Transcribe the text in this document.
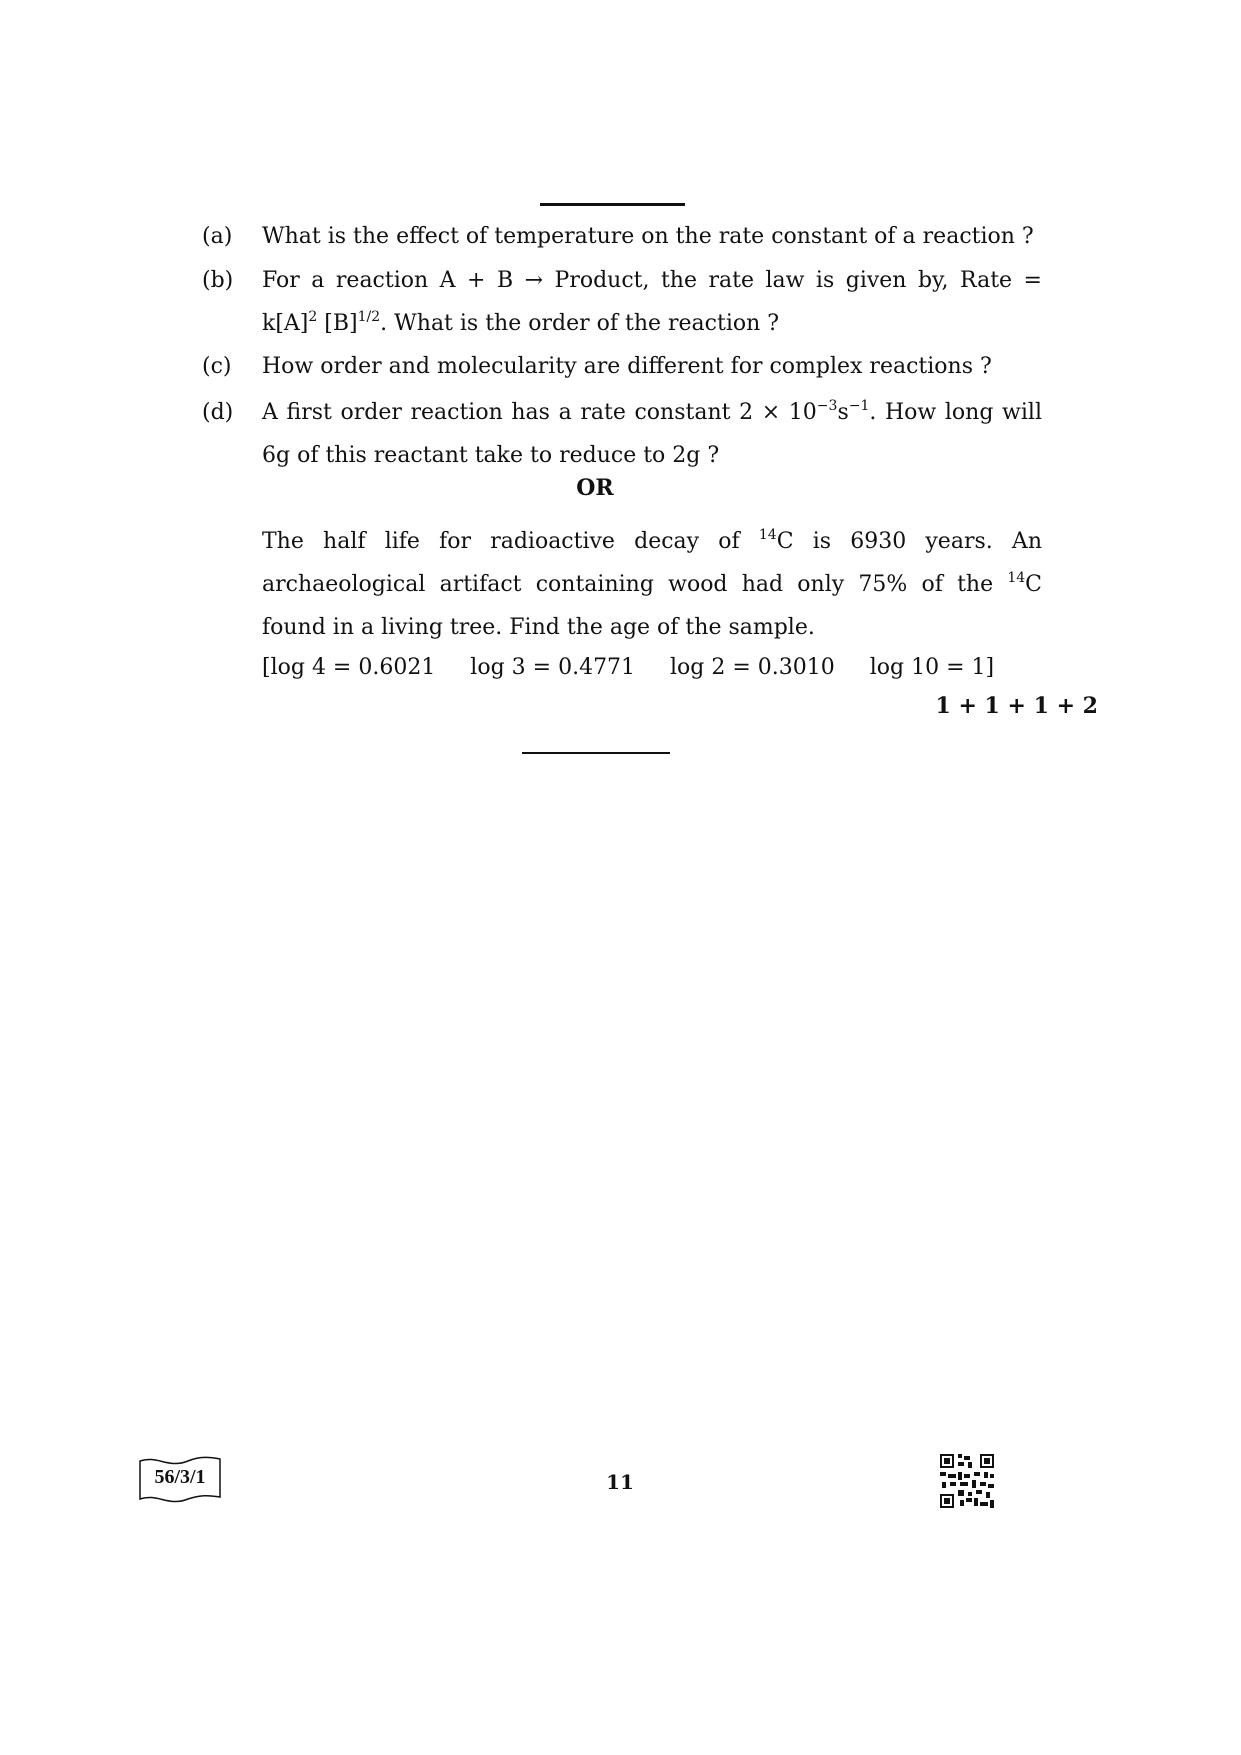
(a)	What is the effect of temperature on the rate constant of a reaction ?
(b)	For a reaction A + B → Product, the rate law is given by, Rate =
$k[A]^2$ $[B]^{1/2}$. What is the order of the reaction ?
(c)	How order and molecularity are different for complex reactions ?
(d)	A first order reaction has a rate constant $2 \times 10^{-3}s^{-1}$. How long will
6g of this reactant take to reduce to 2g ?
OR
The half life for radioactive decay of $^{14}$C is 6930 years. An
archaeological artifact containing wood had only 75% of the $^{14}$C
found in a living tree. Find the age of the sample.
[log 4 = 0.6021     log 3 = 0.4771     log 2 = 0.3010     log 10 = 1]
1 + 1 + 1 + 2
56/3/1	11
